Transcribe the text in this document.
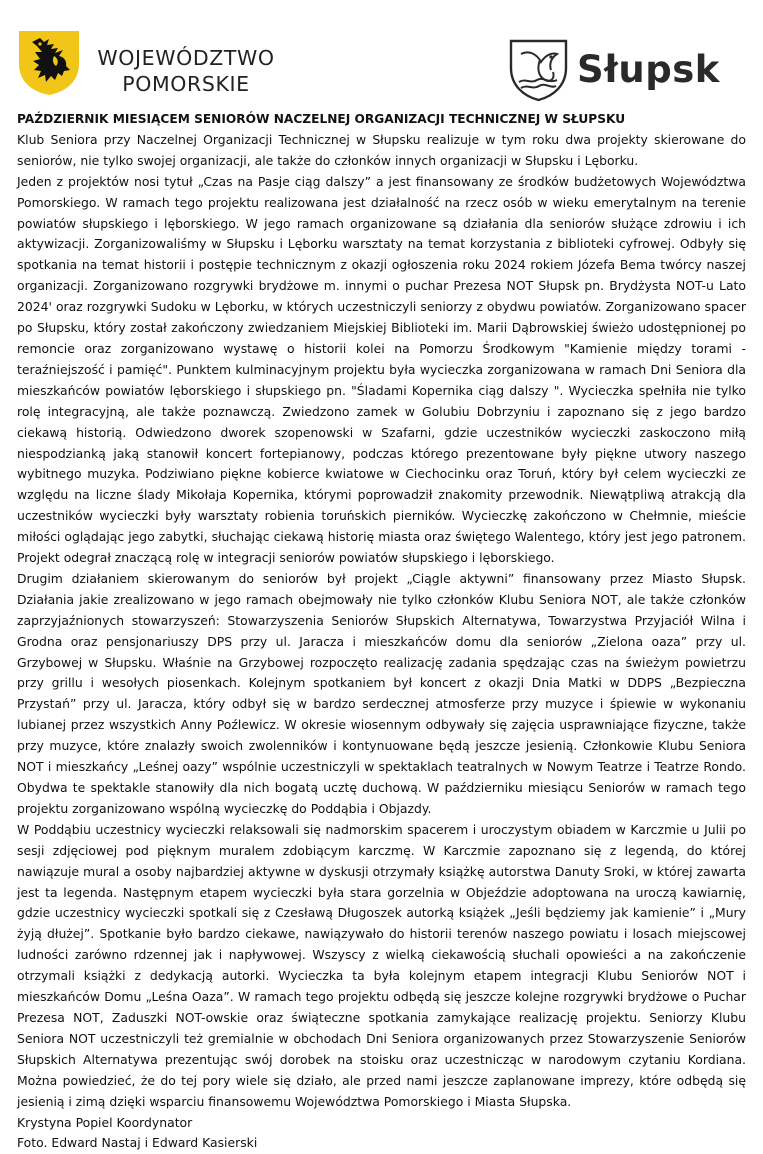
WOJEWÓDZTWO
POMORSKIE	Słupsk

PAŹDZIERNIK MIESIĄCEM SENIORÓW NACZELNEJ ORGANIZACJI TECHNICZNEJ W SŁUPSKU

Klub Seniora przy Naczelnej Organizacji Technicznej w Słupsku realizuje w tym roku dwa projekty skierowane do seniorów, nie tylko swojej organizacji, ale także do członków innych organizacji w Słupsku i Lęborku.

Jeden z projektów nosi tytuł „Czas na Pasje ciąg dalszy” a jest finansowany ze środków budżetowych Województwa Pomorskiego. W ramach tego projektu realizowana jest działalność na rzecz osób w wieku emerytalnym na terenie powiatów słupskiego i lęborskiego. W jego ramach organizowane są działania dla seniorów służące zdrowiu i ich aktywizacji. Zorganizowaliśmy w Słupsku i Lęborku warsztaty na temat korzystania z biblioteki cyfrowej. Odbyły się spotkania na temat historii i postępie technicznym z okazji ogłoszenia roku 2024 rokiem Józefa Bema twórcy naszej organizacji. Zorganizowano rozgrywki brydżowe m. innymi o puchar Prezesa NOT Słupsk pn. Brydżysta NOT-u Lato 2024' oraz rozgrywki Sudoku w Lęborku, w których uczestniczyli seniorzy z obydwu powiatów. Zorganizowano spacer po Słupsku, który został zakończony zwiedzaniem Miejskiej Biblioteki im. Marii Dąbrowskiej świeżo udostępnionej po remoncie oraz zorganizowano wystawę o historii kolei na Pomorzu Środkowym "Kamienie między torami - teraźniejszość i pamięć". Punktem kulminacyjnym projektu była wycieczka zorganizowana w ramach Dni Seniora dla mieszkańców powiatów lęborskiego i słupskiego pn. "Śladami Kopernika ciąg dalszy ". Wycieczka spełniła nie tylko rolę integracyjną, ale także poznawczą. Zwiedzono zamek w Golubiu Dobrzyniu i zapoznano się z jego bardzo ciekawą historią. Odwiedzono dworek szopenowski w Szafarni, gdzie uczestników wycieczki zaskoczono miłą niespodzianką jaką stanowił koncert fortepianowy, podczas którego prezentowane były piękne utwory naszego wybitnego muzyka. Podziwiano piękne kobierce kwiatowe w Ciechocinku oraz Toruń, który był celem wycieczki ze względu na liczne ślady Mikołaja Kopernika, którymi poprowadził znakomity przewodnik. Niewątpliwą atrakcją dla uczestników wycieczki były warsztaty robienia toruńskich pierników. Wycieczkę zakończono w Chełmnie, mieście miłości oglądając jego zabytki, słuchając ciekawą historię miasta oraz świętego Walentego, który jest jego patronem. Projekt odegrał znaczącą rolę w integracji seniorów powiatów słupskiego i lęborskiego.

Drugim działaniem skierowanym do seniorów był projekt „Ciągle aktywni” finansowany przez Miasto Słupsk. Działania jakie zrealizowano w jego ramach obejmowały nie tylko członków Klubu Seniora NOT, ale także członków zaprzyjaźnionych stowarzyszeń: Stowarzyszenia Seniorów Słupskich Alternatywa, Towarzystwa Przyjaciół Wilna i Grodna oraz pensjonariuszy DPS przy ul. Jaracza i mieszkańców domu dla seniorów „Zielona oaza” przy ul. Grzybowej w Słupsku. Właśnie na Grzybowej rozpoczęto realizację zadania spędzając czas na świeżym powietrzu przy grillu i wesołych piosenkach. Kolejnym spotkaniem był koncert z okazji Dnia Matki w DDPS „Bezpieczna Przystań” przy ul. Jaracza, który odbył się w bardzo serdecznej atmosferze przy muzyce i śpiewie w wykonaniu lubianej przez wszystkich Anny Poźlewicz. W okresie wiosennym odbywały się zajęcia usprawniające fizyczne, także przy muzyce, które znalazły swoich zwolenników i kontynuowane będą jeszcze jesienią. Członkowie Klubu Seniora NOT i mieszkańcy „Leśnej oazy” wspólnie uczestniczyli w spektaklach teatralnych w Nowym Teatrze i Teatrze Rondo. Obydwa te spektakle stanowiły dla nich bogatą ucztę duchową. W październiku miesiącu Seniorów w ramach tego projektu zorganizowano wspólną wycieczkę do Poddąbia i Objazdy.

W Poddąbiu uczestnicy wycieczki relaksowali się nadmorskim spacerem i uroczystym obiadem w Karczmie u Julii po sesji zdjęciowej pod pięknym muralem zdobiącym karczmę. W Karczmie zapoznano się z legendą, do której nawiązuje mural a osoby najbardziej aktywne w dyskusji otrzymały książkę autorstwa Danuty Sroki, w której zawarta jest ta legenda. Następnym etapem wycieczki była stara gorzelnia w Objeździe adoptowana na uroczą kawiarnię, gdzie uczestnicy wycieczki spotkali się z Czesławą Długoszek autorką książek „Jeśli będziemy jak kamienie” i „Mury żyją dłużej”. Spotkanie było bardzo ciekawe, nawiązywało do historii terenów naszego powiatu i losach miejscowej ludności zarówno rdzennej jak i napływowej. Wszyscy z wielką ciekawością słuchali opowieści a na zakończenie otrzymali książki z dedykacją autorki. Wycieczka ta była kolejnym etapem integracji Klubu Seniorów NOT i mieszkańców Domu „Leśna Oaza”. W ramach tego projektu odbędą się jeszcze kolejne rozgrywki brydżowe o Puchar Prezesa NOT, Zaduszki NOT-owskie oraz świąteczne spotkania zamykające realizację projektu. Seniorzy Klubu Seniora NOT uczestniczyli też gremialnie w obchodach Dni Seniora organizowanych przez Stowarzyszenie Seniorów Słupskich Alternatywa prezentując swój dorobek na stoisku oraz uczestnicząc w narodowym czytaniu Kordiana. Można powiedzieć, że do tej pory wiele się działo, ale przed nami jeszcze zaplanowane imprezy, które odbędą się jesienią i zimą dzięki wsparciu finansowemu Województwa Pomorskiego i Miasta Słupska.

Krystyna Popiel Koordynator

Foto. Edward Nastaj i Edward Kasierski
